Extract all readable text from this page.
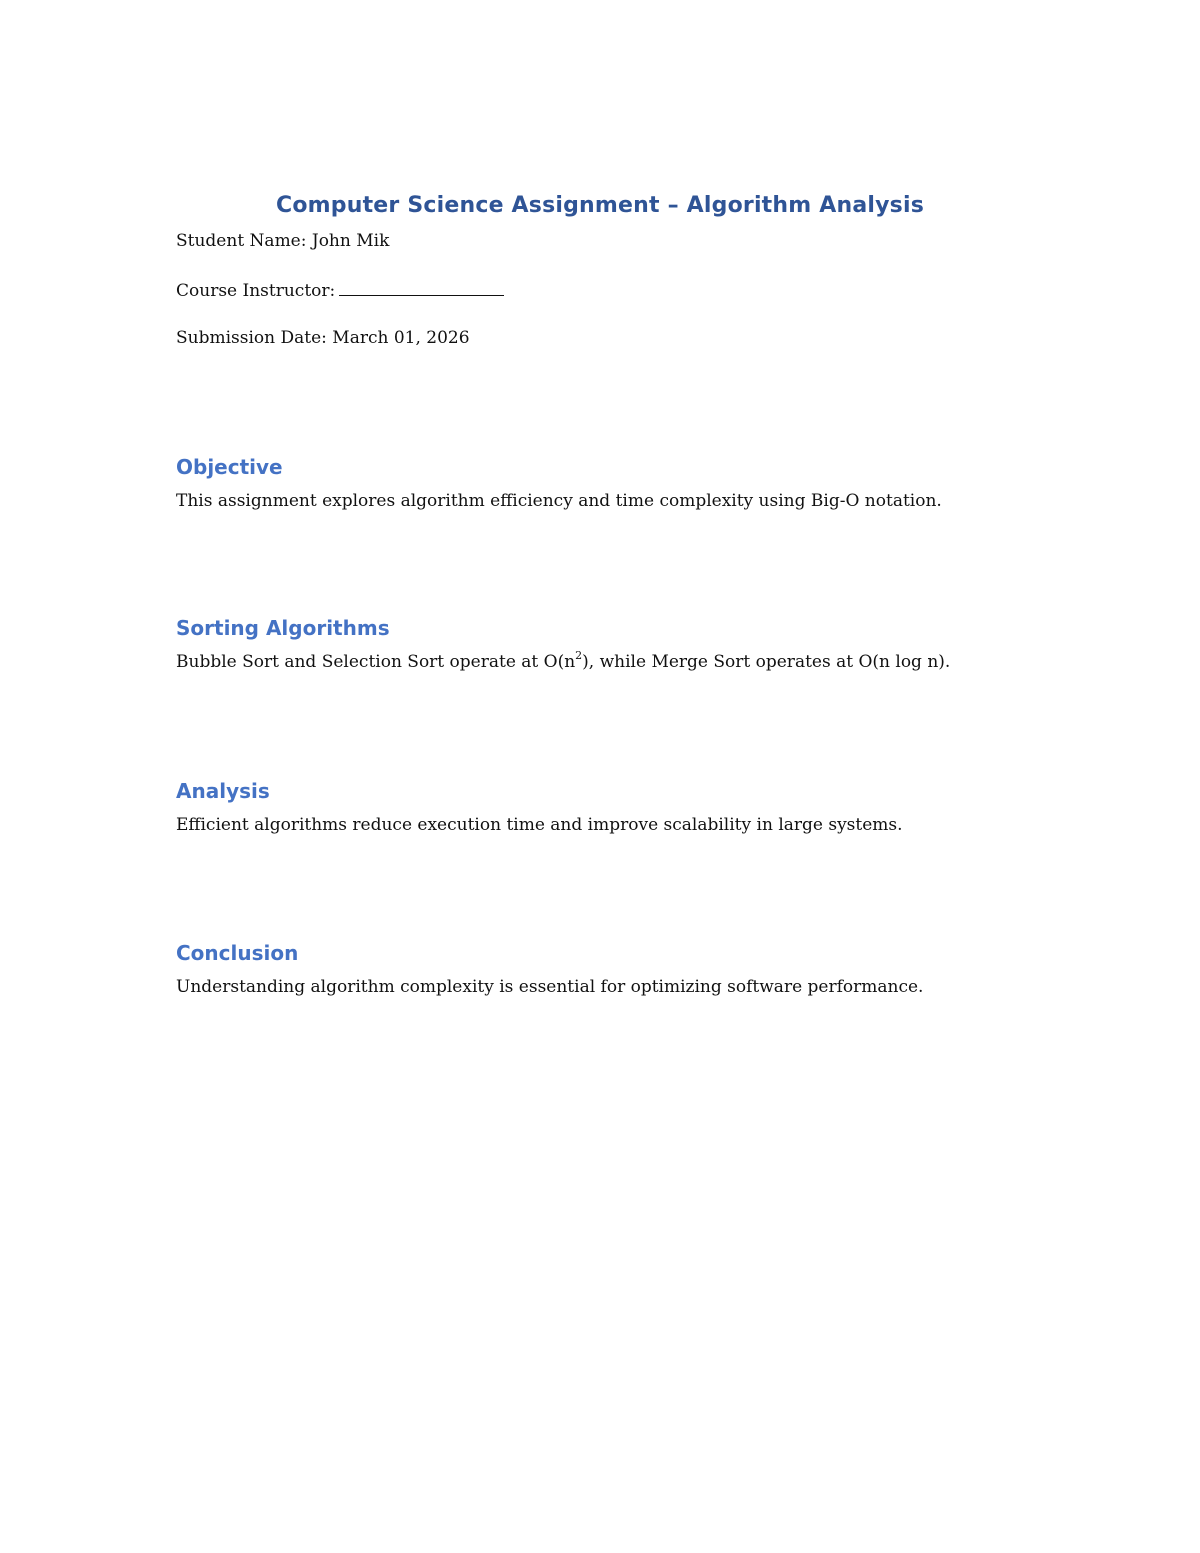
Computer Science Assignment – Algorithm Analysis
Student Name: John Mik
Course Instructor:
Submission Date: March 01, 2026
Objective
This assignment explores algorithm efficiency and time complexity using Big-O notation.
Sorting Algorithms
Bubble Sort and Selection Sort operate at $O(n^2)$, while Merge Sort operates at O(n log n).
Analysis
Efficient algorithms reduce execution time and improve scalability in large systems.
Conclusion
Understanding algorithm complexity is essential for optimizing software performance.
